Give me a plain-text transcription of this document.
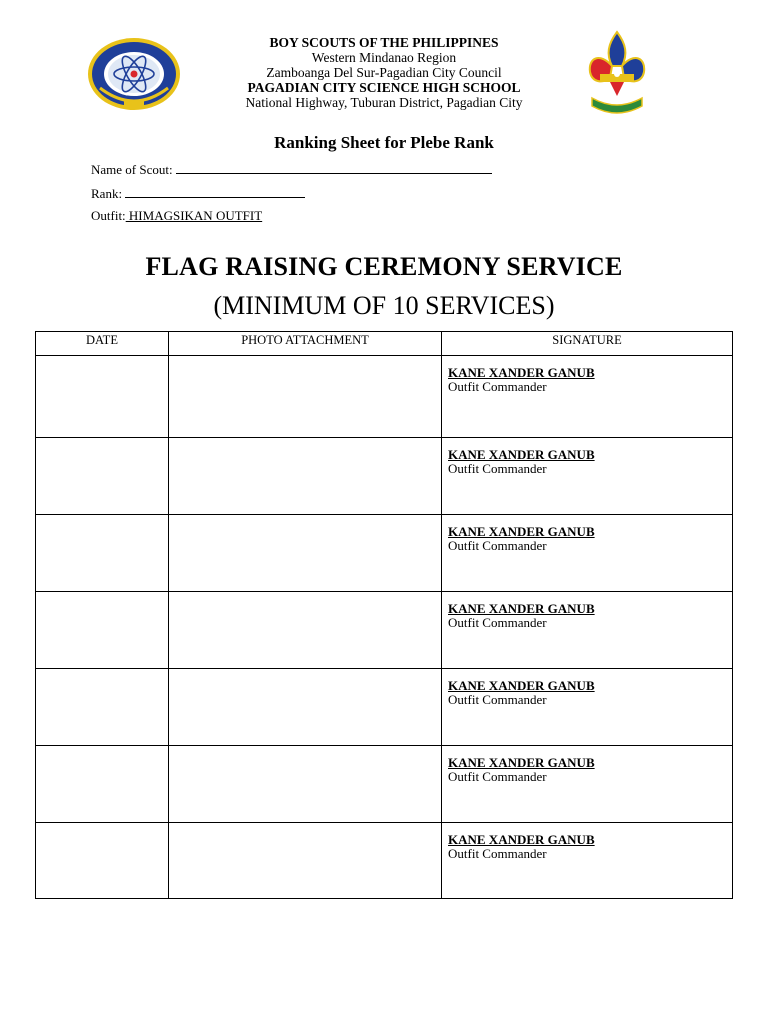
BOY SCOUTS OF THE PHILIPPINES
Western Mindanao Region
Zamboanga Del Sur-Pagadian City Council
PAGADIAN CITY SCIENCE HIGH SCHOOL
National Highway, Tuburan District, Pagadian City
Ranking Sheet for Plebe Rank
Name of Scout:
Rank:
Outfit: HIMAGSIKAN OUTFIT
FLAG RAISING CEREMONY SERVICE
(MINIMUM OF 10 SERVICES)
DATE	PHOTO ATTACHMENT	SIGNATURE

		KANE XANDER GANUB
Outfit Commander

		KANE XANDER GANUB
Outfit Commander

		KANE XANDER GANUB
Outfit Commander

		KANE XANDER GANUB
Outfit Commander

		KANE XANDER GANUB
Outfit Commander

		KANE XANDER GANUB
Outfit Commander

		KANE XANDER GANUB
Outfit Commander
